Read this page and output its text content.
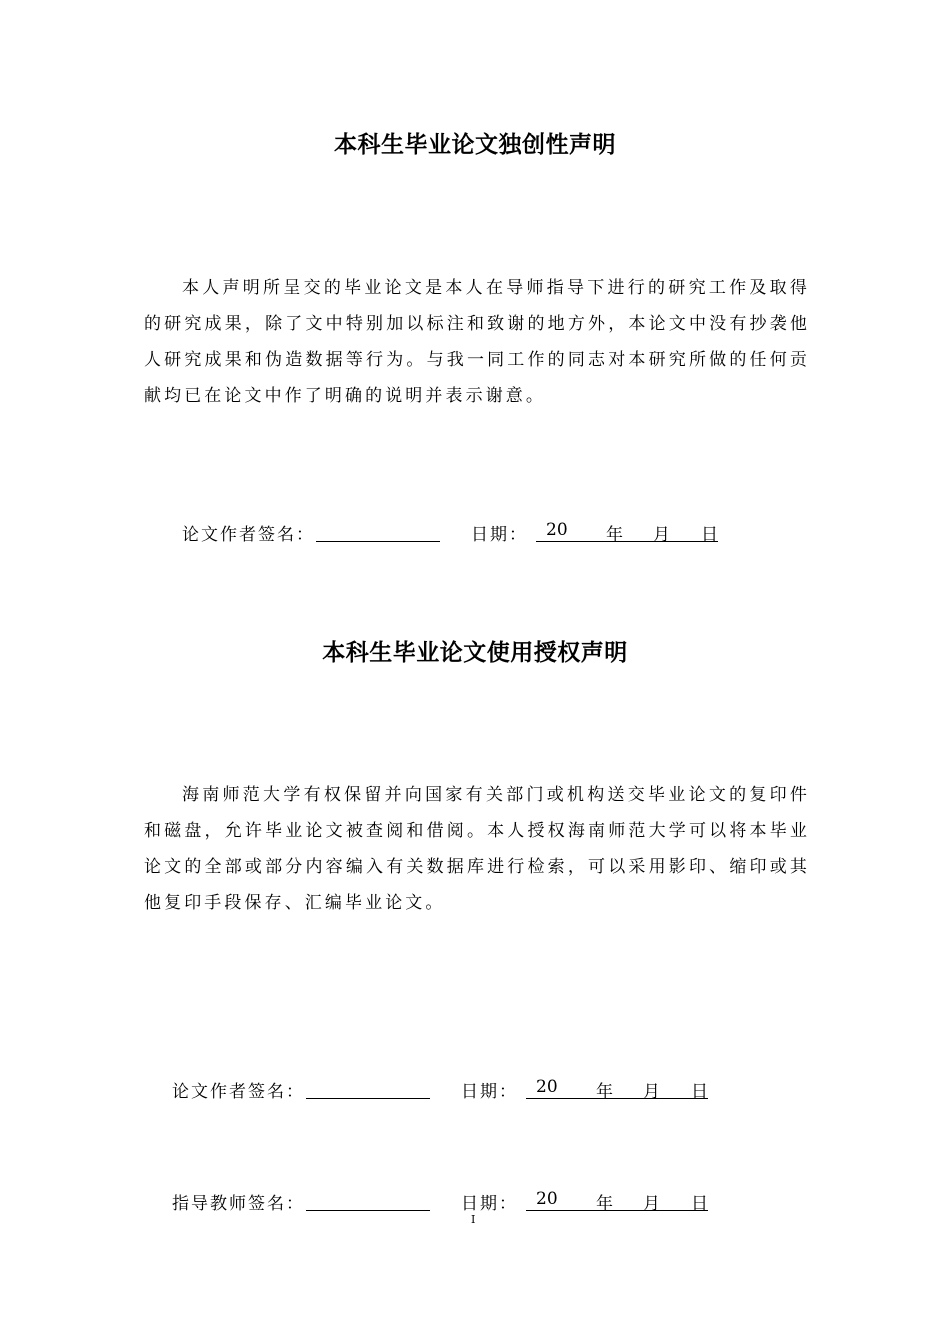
本科生毕业论文独创性声明

本人声明所呈交的毕业论文是本人在导师指导下进行的研究工作及取得的研究成果，除了文中特别加以标注和致谢的地方外，本论文中没有抄袭他人研究成果和伪造数据等行为。与我一同工作的同志对本研究所做的任何贡献均已在论文中作了明确的说明并表示谢意。

论文作者签名：	日期： 20 年 月 日
本科生毕业论文使用授权声明

海南师范大学有权保留并向国家有关部门或机构送交毕业论文的复印件和磁盘，允许毕业论文被查阅和借阅。本人授权海南师范大学可以将本毕业论文的全部或部分内容编入有关数据库进行检索，可以采用影印、缩印或其他复印手段保存、汇编毕业论文。

论文作者签名：	日期： 20 年 月 日
指导教师签名：	日期： 20 年 月 日
I
